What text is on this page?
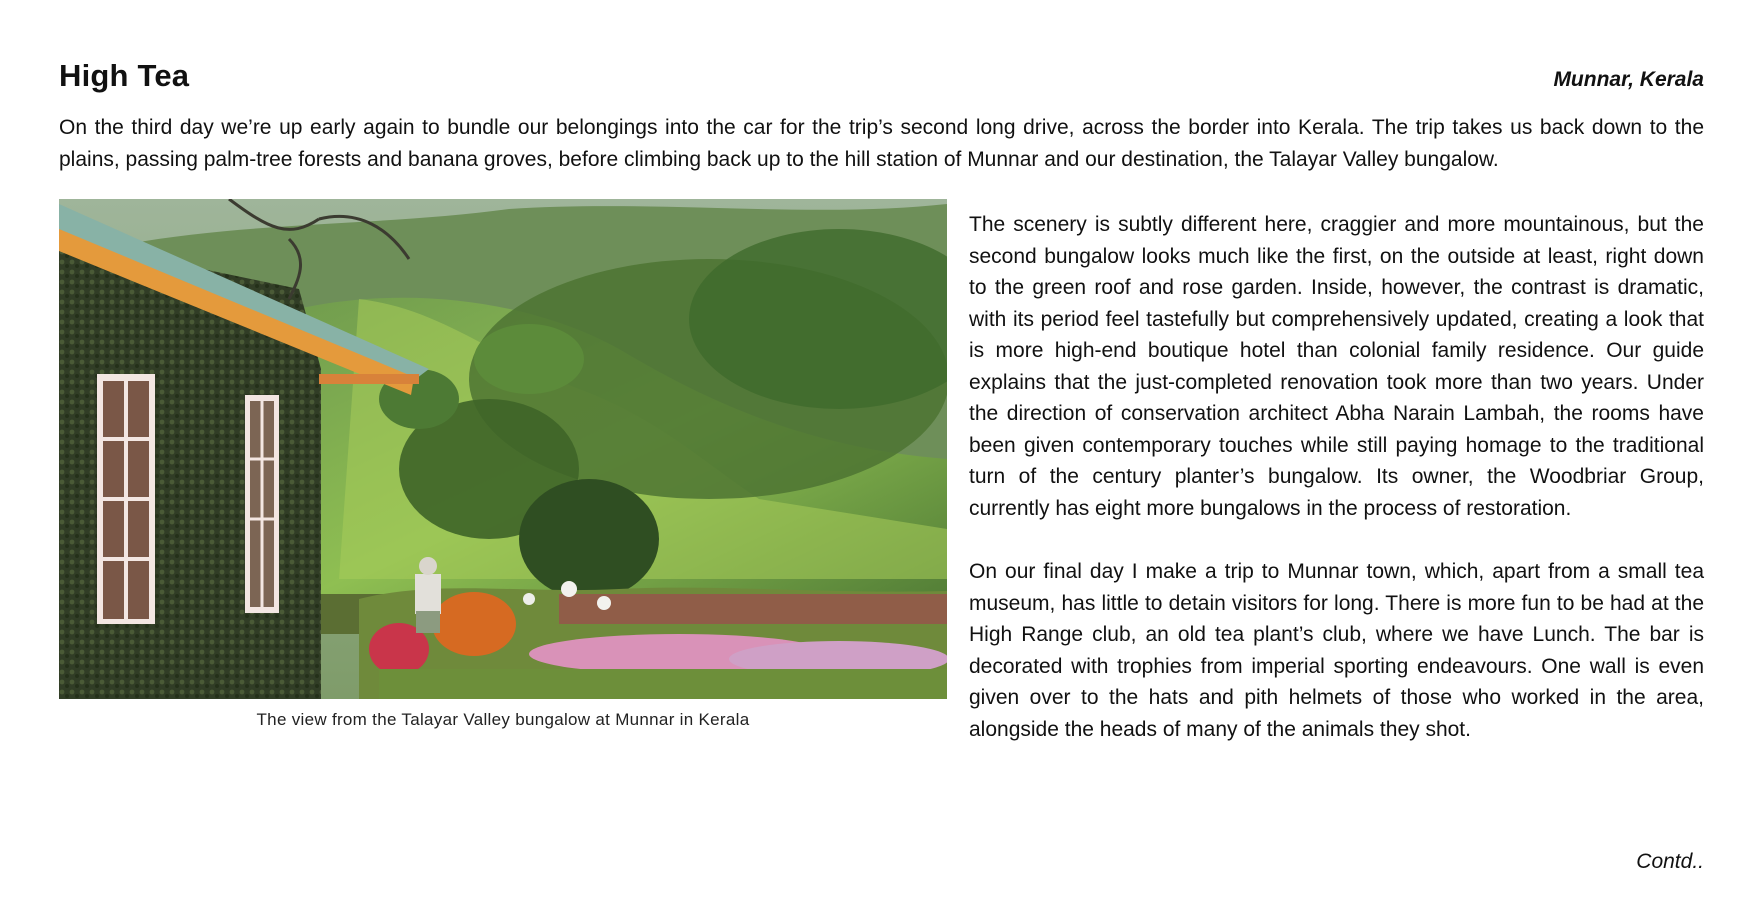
High Tea	Munnar, Kerala

On the third day we’re up early again to bundle our belongings into the car for the trip’s second long drive, across the border into Kerala. The trip takes us back down to the plains, passing palm-tree forests and banana groves, before climbing back up to the hill station of Munnar and our destination, the Talayar Valley bungalow.

The view from the Talayar Valley bungalow at Munnar in Kerala

The scenery is subtly different here, craggier and more mountainous, but the second bungalow looks much like the first, on the outside at least, right down to the green roof and rose garden. Inside, however, the contrast is dramatic, with its period feel tastefully but comprehensively updated, creating a look that is more high-end boutique hotel than colonial family residence. Our guide explains that the just-completed renovation took more than two years. Under the direction of conservation architect Abha Narain Lambah, the rooms have been given contemporary touches while still paying homage to the traditional turn of the century planter’s bungalow. Its owner, the Woodbriar Group, currently has eight more bungalows in the process of restoration.

On our final day I make a trip to Munnar town, which, apart from a small tea museum, has little to detain visitors for long. There is more fun to be had at the High Range club, an old tea plant’s club, where we have Lunch. The bar is decorated with trophies from imperial sporting endeavours. One wall is even given over to the hats and pith helmets of those who worked in the area, alongside the heads of many of the animals they shot.

Contd..
